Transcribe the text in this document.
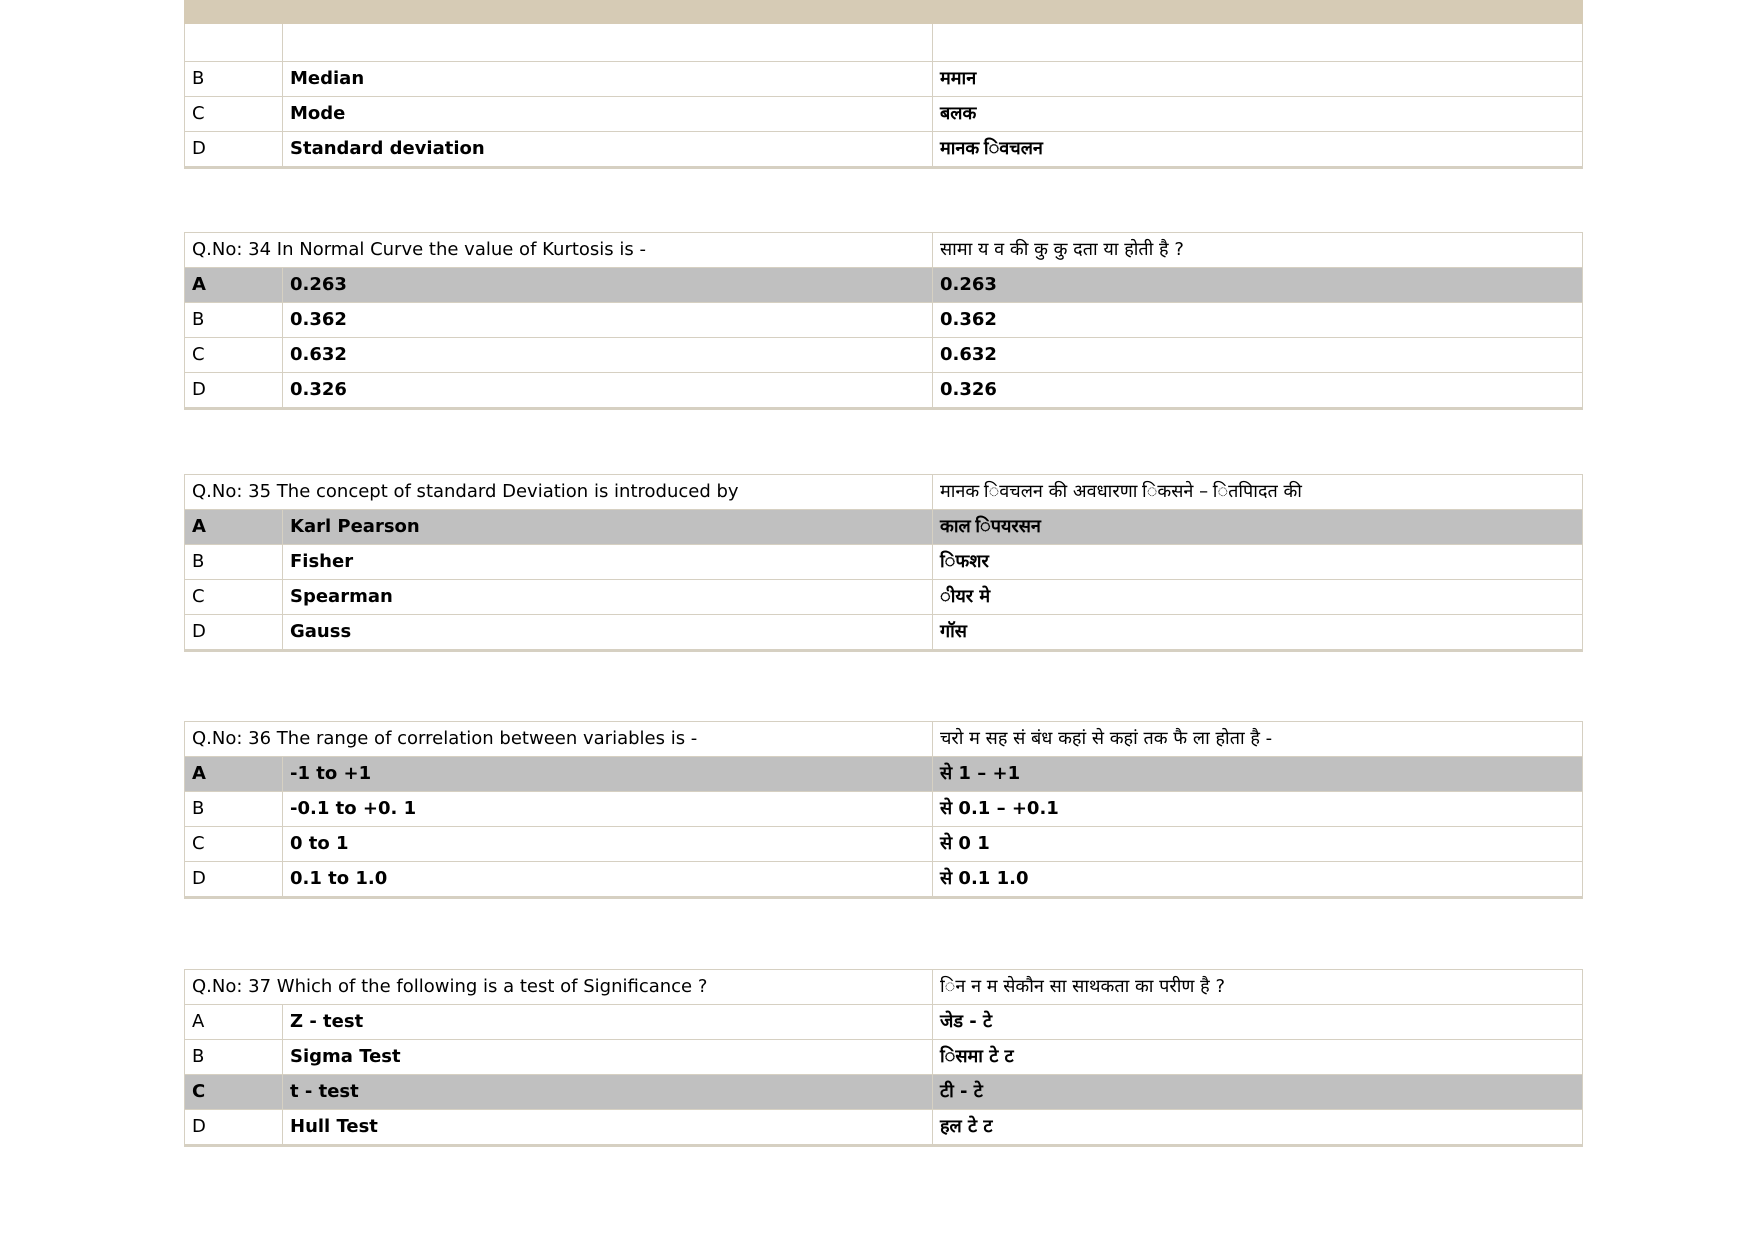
B	Median	ममान
C	Mode	बलक
D	Standard deviation	मानक िवचलन
Q.No: 34 In Normal Curve the value of Kurtosis is -		सामा य व की कु कु दता या होती है ?
A	0.263	0.263
B	0.362	0.362
C	0.632	0.632
D	0.326	0.326
Q.No: 35 The concept of standard Deviation is introduced by		मानक िवचलन की अवधारणा िकसने – ितपािदत की
A	Karl Pearson	काल िपयरसन
B	Fisher	िफशर
C	Spearman	ीयर मे
D	Gauss	गॉस
Q.No: 36 The range of correlation between variables is -		चरो म सह सं बंध कहां से कहां तक फै ला होता है -
A	-1 to +1	से 1 – +1
B	-0.1 to +0. 1	से 0.1 – +0.1
C	0 to 1	से 0 1
D	0.1 to 1.0	से 0.1 1.0
Q.No: 37 Which of the following is a test of Significance ?		िन न म सेकौन सा साथकता का परीण है ?
A	Z - test	जेड - टे
B	Sigma Test	िसमा टे ट
C	t - test	टी - टे
D	Hull Test	हल टे ट
